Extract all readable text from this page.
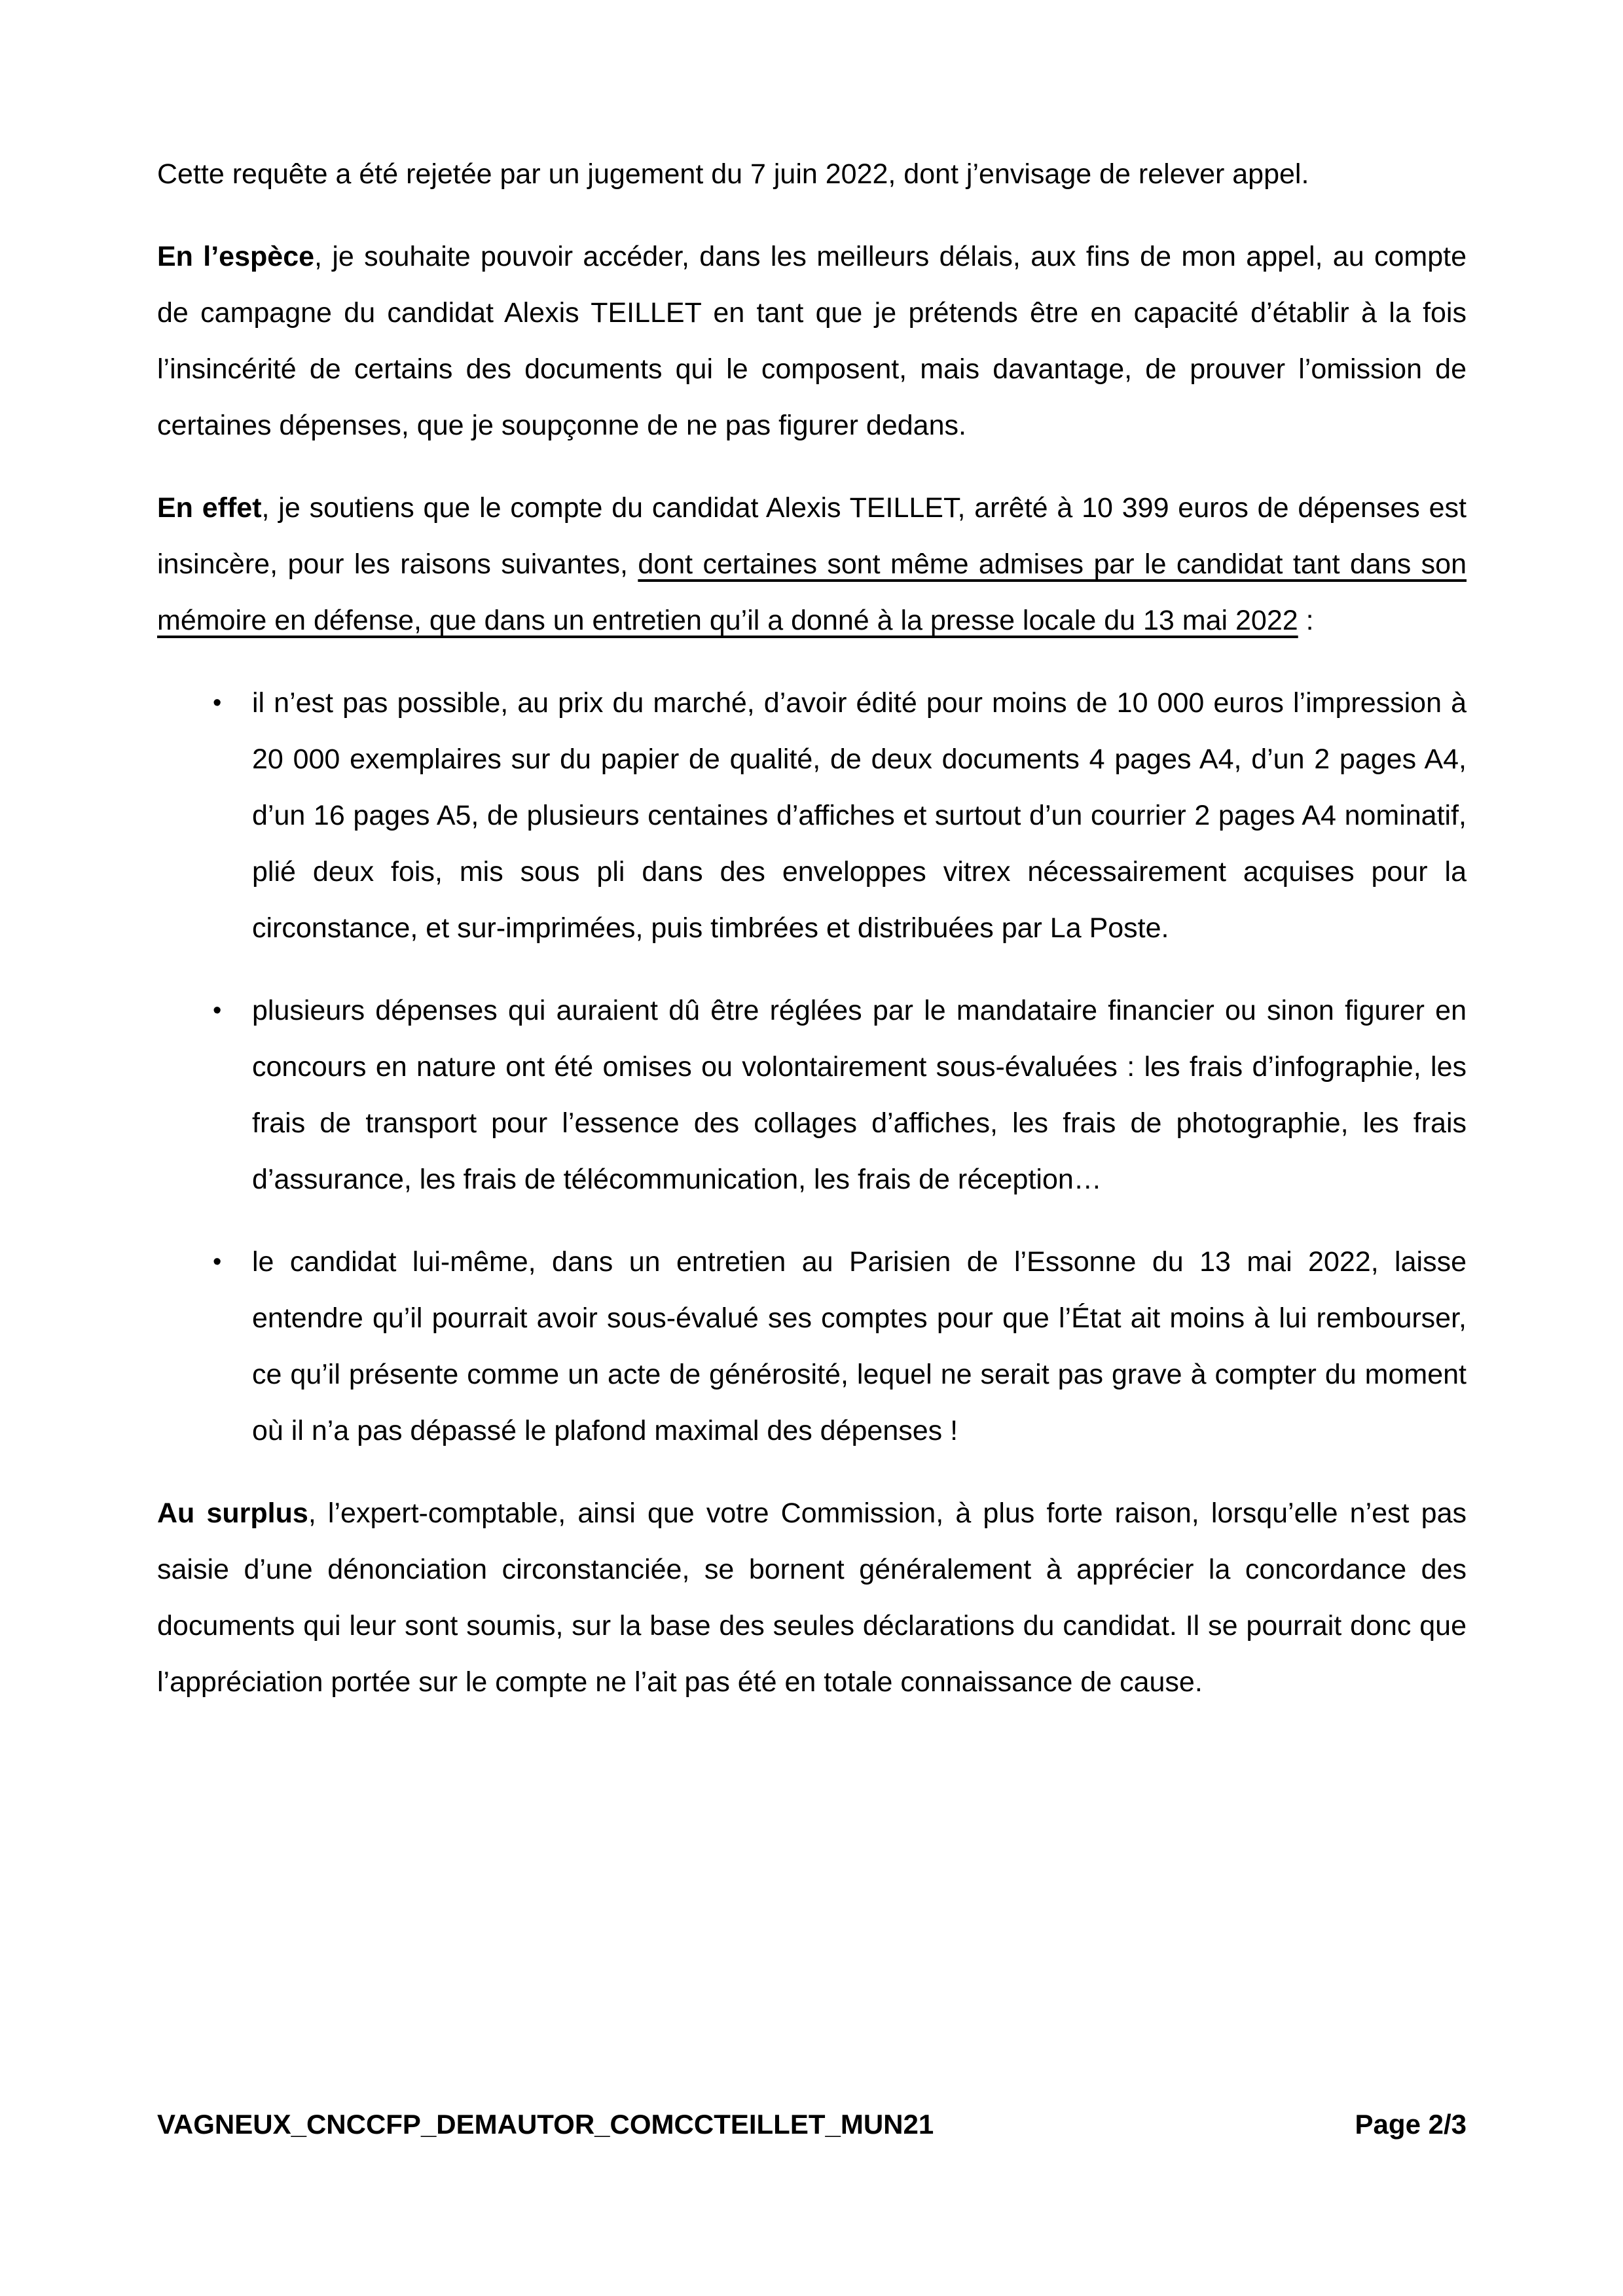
Cette requête a été rejetée par un jugement du 7 juin 2022, dont j’envisage de relever appel.
En l’espèce, je souhaite pouvoir accéder, dans les meilleurs délais, aux fins de mon appel, au compte de campagne du candidat Alexis TEILLET en tant que je prétends être en capacité d’établir à la fois l’insincérité de certains des documents qui le composent, mais davantage, de prouver l’omission de certaines dépenses, que je soupçonne de ne pas figurer dedans.
En effet, je soutiens que le compte du candidat Alexis TEILLET, arrêté à 10 399 euros de dépenses est insincère, pour les raisons suivantes, dont certaines sont même admises par le candidat tant dans son mémoire en défense, que dans un entretien qu’il a donné à la presse locale du 13 mai 2022 :
•	il n’est pas possible, au prix du marché, d’avoir édité pour moins de 10 000 euros l’impression à 20 000 exemplaires sur du papier de qualité, de deux documents 4 pages A4, d’un 2 pages A4, d’un 16 pages A5, de plusieurs centaines d’affiches et surtout d’un courrier 2 pages A4 nominatif, plié deux fois, mis sous pli dans des enveloppes vitrex nécessairement acquises pour la circonstance, et sur-imprimées, puis timbrées et distribuées par La Poste.
•	plusieurs dépenses qui auraient dû être réglées par le mandataire financier ou sinon figurer en concours en nature ont été omises ou volontairement sous-évaluées : les frais d’infographie, les frais de transport pour l’essence des collages d’affiches, les frais de photographie, les frais d’assurance, les frais de télécommunication, les frais de réception…
•	le candidat lui-même, dans un entretien au Parisien de l’Essonne du 13 mai 2022, laisse entendre qu’il pourrait avoir sous-évalué ses comptes pour que l’État ait moins à lui rembourser, ce qu’il présente comme un acte de générosité, lequel ne serait pas grave à compter du moment où il n’a pas dépassé le plafond maximal des dépenses !
Au surplus, l’expert-comptable, ainsi que votre Commission, à plus forte raison, lorsqu’elle n’est pas saisie d’une dénonciation circonstanciée, se bornent généralement à apprécier la concordance des documents qui leur sont soumis, sur la base des seules déclarations du candidat. Il se pourrait donc que l’appréciation portée sur le compte ne l’ait pas été en totale connaissance de cause.
VAGNEUX_CNCCFP_DEMAUTOR_COMCCTEILLET_MUN21	Page 2/3
